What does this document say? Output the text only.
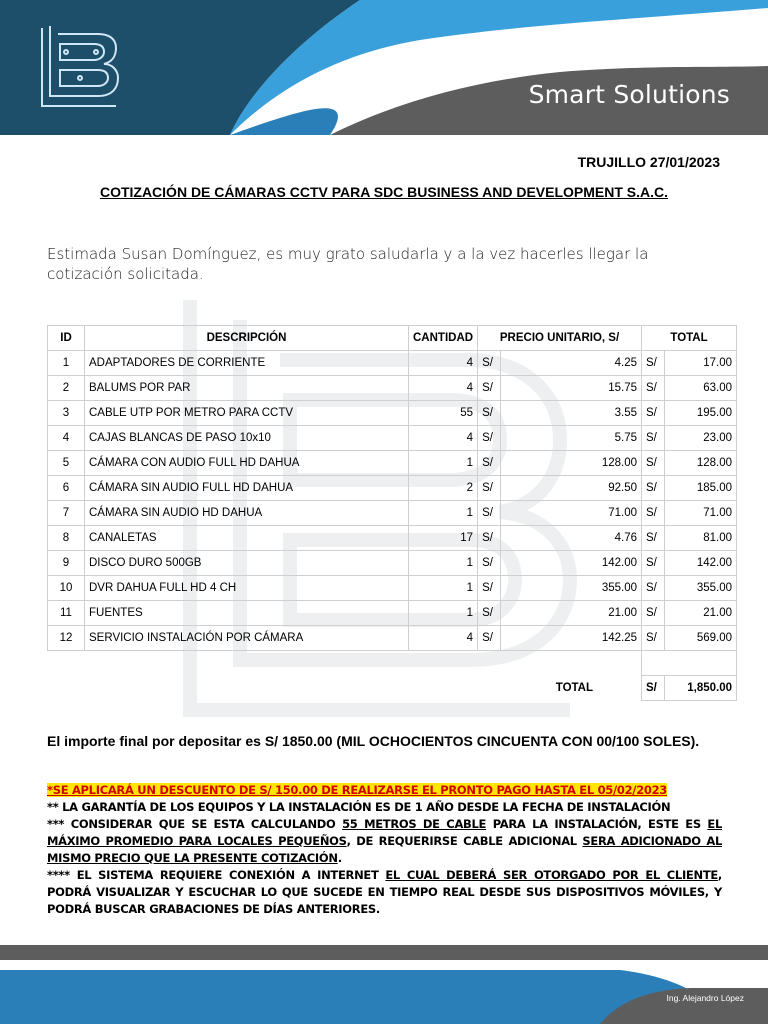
Smart Solutions
TRUJILLO 27/01/2023
COTIZACIÓN DE CÁMARAS CCTV PARA SDC BUSINESS AND DEVELOPMENT S.A.C.
Estimada Susan Domínguez, es muy grato saludarla y a la vez hacerles llegar la cotización solicitada.
ID	DESCRIPCIÓN	CANTIDAD	PRECIO UNITARIO, S/		TOTAL	
1	ADAPTADORES DE CORRIENTE	4	S/	4.25	S/	17.00
2	BALUMS POR PAR	4	S/	15.75	S/	63.00
3	CABLE UTP POR METRO PARA CCTV	55	S/	3.55	S/	195.00
4	CAJAS BLANCAS DE PASO 10x10	4	S/	5.75	S/	23.00
5	CÁMARA CON AUDIO FULL HD DAHUA	1	S/	128.00	S/	128.00
6	CÁMARA SIN AUDIO FULL HD DAHUA	2	S/	92.50	S/	185.00
7	CÁMARA SIN AUDIO HD DAHUA	1	S/	71.00	S/	71.00
8	CANALETAS	17	S/	4.76	S/	81.00
9	DISCO DURO 500GB	1	S/	142.00	S/	142.00
10	DVR DAHUA FULL HD 4 CH	1	S/	355.00	S/	355.00
11	FUENTES	1	S/	21.00	S/	21.00
12	SERVICIO INSTALACIÓN POR CÁMARA	4	S/	142.25	S/	569.00

TOTAL					S/	1,850.00
El importe final por depositar es S/ 1850.00 (MIL OCHOCIENTOS CINCUENTA CON 00/100 SOLES).

*SE APLICARÁ UN DESCUENTO DE S/ 150.00 DE REALIZARSE EL PRONTO PAGO HASTA EL 05/02/2023

** LA GARANTÍA DE LOS EQUIPOS Y LA INSTALACIÓN ES DE 1 AÑO DESDE LA FECHA DE INSTALACIÓN

*** CONSIDERAR QUE SE ESTA CALCULANDO 55 METROS DE CABLE PARA LA INSTALACIÓN, ESTE ES EL MÁXIMO PROMEDIO PARA LOCALES PEQUEÑOS, DE REQUERIRSE CABLE ADICIONAL SERA ADICIONADO AL MISMO PRECIO QUE LA PRESENTE COTIZACIÓN.

**** EL SISTEMA REQUIERE CONEXIÓN A INTERNET EL CUAL DEBERÁ SER OTORGADO POR EL CLIENTE, PODRÁ VISUALIZAR Y ESCUCHAR LO QUE SUCEDE EN TIEMPO REAL DESDE SUS DISPOSITIVOS MÓVILES, Y PODRÁ BUSCAR GRABACIONES DE DÍAS ANTERIORES.

Ing. Alejandro López
